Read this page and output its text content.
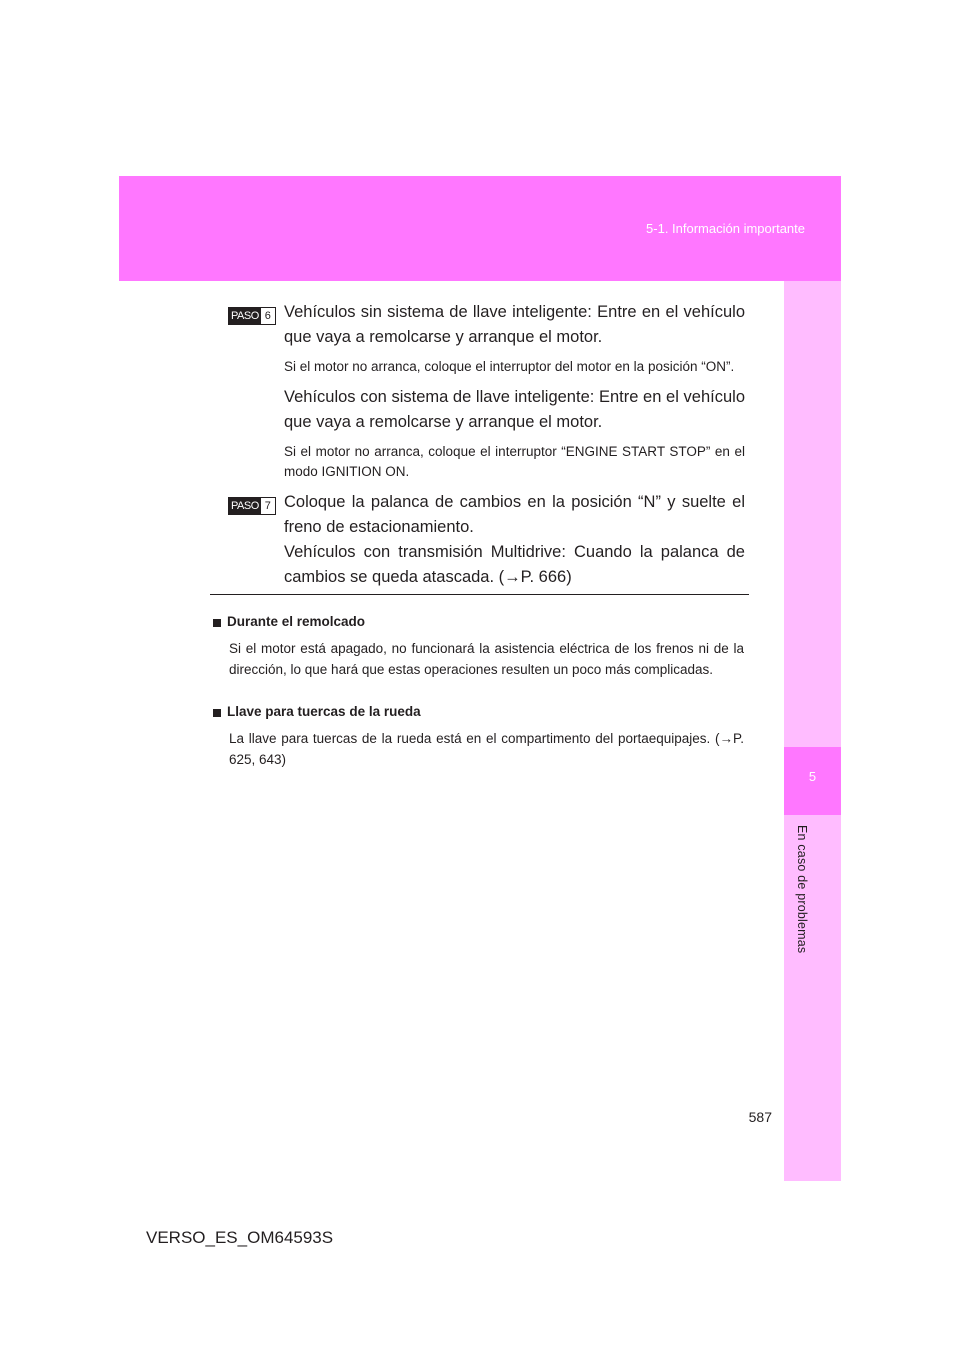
5-1. Información importante
5
En caso de problemas
PASO 6 Vehículos sin sistema de llave inteligente: Entre en el vehículo que vaya a remolcarse y arranque el motor.

Si el motor no arranca, coloque el interruptor del motor en la posición “ON”.

Vehículos con sistema de llave inteligente: Entre en el vehículo que vaya a remolcarse y arranque el motor.

Si el motor no arranca, coloque el interruptor “ENGINE START STOP” en el modo IGNITION ON.

PASO 7 Coloque la palanca de cambios en la posición “N” y suelte el freno de estacionamiento.

Vehículos con transmisión Multidrive: Cuando la palanca de cambios se queda atascada. (→P. 666)

Durante el remolcado

Si el motor está apagado, no funcionará la asistencia eléctrica de los frenos ni de la dirección, lo que hará que estas operaciones resulten un poco más complicadas.

Llave para tuercas de la rueda

La llave para tuercas de la rueda está en el compartimento del portaequipajes. (→P. 625, 643)

587
VERSO_ES_OM64593S
